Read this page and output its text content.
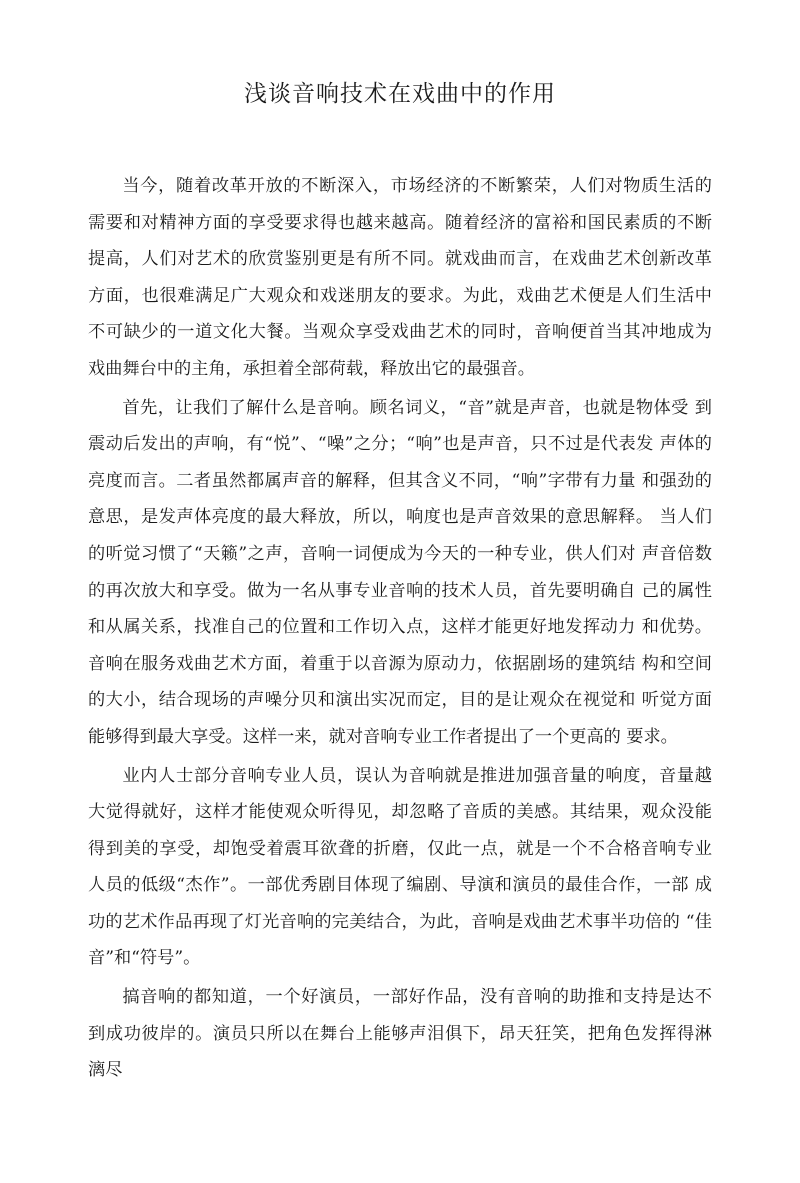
浅谈音响技术在戏曲中的作用

当今，随着改革开放的不断深入，市场经济的不断繁荣，人们对物质生活的 需要和对精神方面的享受要求得也越来越高。随着经济的富裕和国民素质的不断 提高，人们对艺术的欣赏鉴别更是有所不同。就戏曲而言，在戏曲艺术创新改革 方面，也很难满足广大观众和戏迷朋友的要求。为此，戏曲艺术便是人们生活中 不可缺少的一道文化大餐。当观众享受戏曲艺术的同时，音响便首当其冲地成为 戏曲舞台中的主角，承担着全部荷载，释放出它的最强音。

首先，让我们了解什么是音响。顾名词义，“音”就是声音，也就是物体受 到震动后发出的声响，有“悦”、“噪”之分；“响”也是声音，只不过是代表发 声体的亮度而言。二者虽然都属声音的解释，但其含义不同，“响”字带有力量 和强劲的意思，是发声体亮度的最大释放，所以，响度也是声音效果的意思解释。 当人们的听觉习惯了“天籁”之声，音响一词便成为今天的一种专业，供人们对 声音倍数的再次放大和享受。做为一名从事专业音响的技术人员，首先要明确自 己的属性和从属关系，找准自己的位置和工作切入点，这样才能更好地发挥动力 和优势。音响在服务戏曲艺术方面，着重于以音源为原动力，依据剧场的建筑结 构和空间的大小，结合现场的声噪分贝和演出实况而定，目的是让观众在视觉和 听觉方面能够得到最大享受。这样一来，就对音响专业工作者提出了一个更高的 要求。

业内人士部分音响专业人员，误认为音响就是推进加强音量的响度，音量越 大觉得就好，这样才能使观众听得见，却忽略了音质的美感。其结果，观众没能 得到美的享受，却饱受着震耳欲聋的折磨，仅此一点，就是一个不合格音响专业 人员的低级“杰作”。一部优秀剧目体现了编剧、导演和演员的最佳合作，一部 成功的艺术作品再现了灯光音响的完美结合，为此，音响是戏曲艺术事半功倍的 “佳音”和“符号”。

搞音响的都知道，一个好演员，一部好作品，没有音响的助推和支持是达不 到成功彼岸的。演员只所以在舞台上能够声泪俱下，昂天狂笑，把角色发挥得淋 漓尽
